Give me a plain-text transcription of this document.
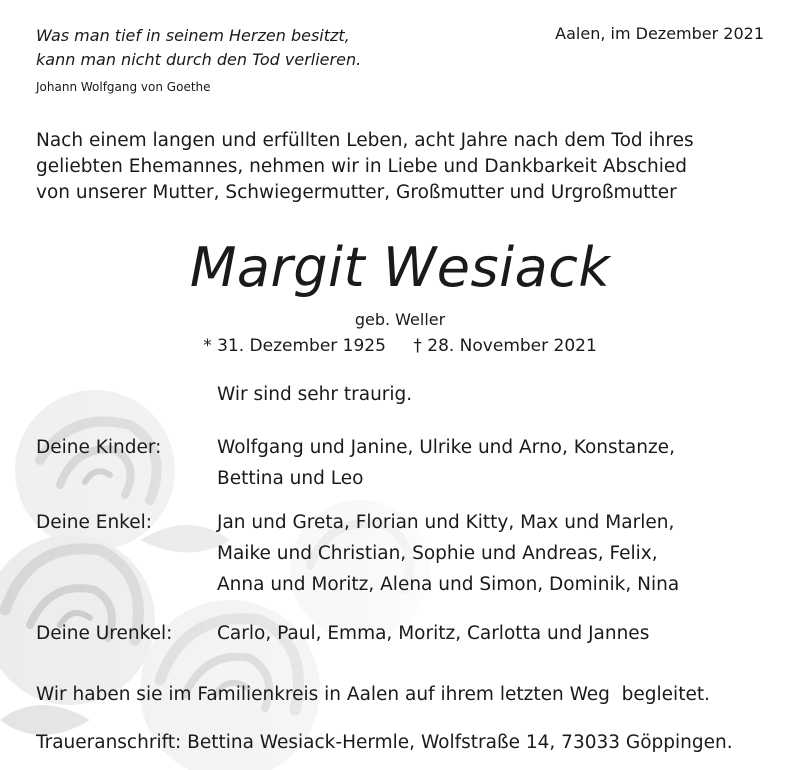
Was man tief in seinem Herzen besitzt,
kann man nicht durch den Tod verlieren.
Johann Wolfgang von Goethe
Aalen, im Dezember 2021
Nach einem langen und erfüllten Leben, acht Jahre nach dem Tod ihres
geliebten Ehemannes, nehmen wir in Liebe und Dankbarkeit Abschied
von unserer Mutter, Schwiegermutter, Großmutter und Urgroßmutter
Margit Wesiack
geb. Weller
* 31. Dezember 1925 † 28. November 2021
Wir sind sehr traurig.
Deine Kinder:	Wolfgang und Janine, Ulrike und Arno, Konstanze,
Bettina und Leo
Deine Enkel:	Jan und Greta, Florian und Kitty, Max und Marlen,
Maike und Christian, Sophie und Andreas, Felix,
Anna und Moritz, Alena und Simon, Dominik, Nina
Deine Urenkel: Carlo, Paul, Emma, Moritz, Carlotta und Jannes
Wir haben sie im Familienkreis in Aalen auf ihrem letzten Weg  begleitet.
Traueranschrift: Bettina Wesiack-Hermle, Wolfstraße 14, 73033 Göppingen.
